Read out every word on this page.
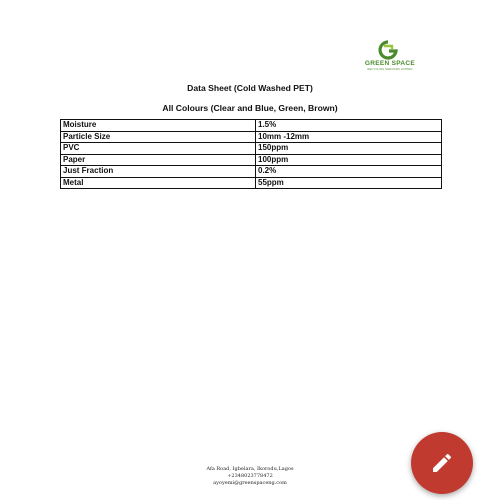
GREEN SPACE
RECYCLING SERVICES LIMITED
Data Sheet (Cold Washed PET)
All Colours (Clear and Blue, Green, Brown)
Moisture	1.5%
Particle Size	10mm -12mm
PVC	150ppm
Paper	100ppm
Just Fraction	0.2%
Metal	55ppm
Afa Road, Igbelara, Ikorodu,Lagos
+2348023778472
ayoyemi@greenspaceng.com
